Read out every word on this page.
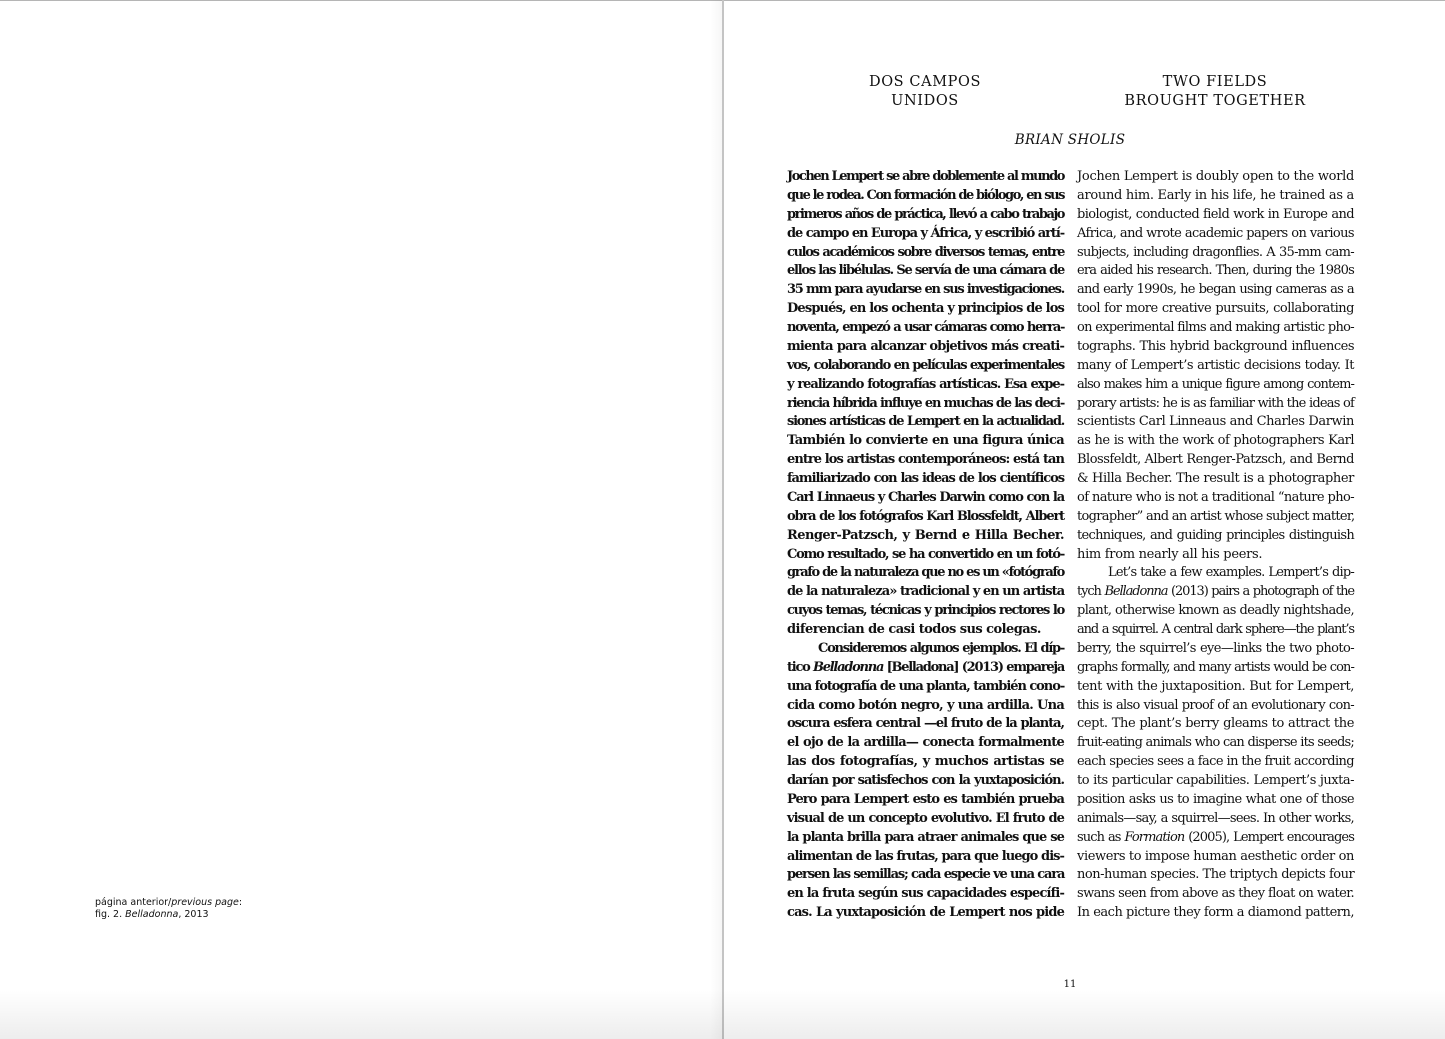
página anterior/previous page:
fig. 2. Belladonna, 2013
DOS CAMPOS
UNIDOS
TWO FIELDS
BROUGHT TOGETHER
BRIAN SHOLIS
Jochen Lempert se abre doblemente al mundo
que le rodea. Con formación de biólogo, en sus
primeros años de práctica, llevó a cabo trabajo
de campo en Europa y África, y escribió artí-
culos académicos sobre diversos temas, entre
ellos las libélulas. Se servía de una cámara de
35 mm para ayudarse en sus investigaciones.
Después, en los ochenta y principios de los
noventa, empezó a usar cámaras como herra-
mienta para alcanzar objetivos más creati-
vos, colaborando en películas experimentales
y realizando fotografías artísticas. Esa expe-
riencia híbrida influye en muchas de las deci-
siones artísticas de Lempert en la actualidad.
También lo convierte en una figura única
entre los artistas contemporáneos: está tan
familiarizado con las ideas de los científicos
Carl Linnaeus y Charles Darwin como con la
obra de los fotógrafos Karl Blossfeldt, Albert
Renger-Patzsch, y Bernd e Hilla Becher.
Como resultado, se ha convertido en un fotó-
grafo de la naturaleza que no es un «fotógrafo
de la naturaleza» tradicional y en un artista
cuyos temas, técnicas y principios rectores lo
diferencian de casi todos sus colegas.
Consideremos algunos ejemplos. El díp-
tico Belladonna [Belladona] (2013) empareja
una fotografía de una planta, también cono-
cida como botón negro, y una ardilla. Una
oscura esfera central —el fruto de la planta,
el ojo de la ardilla— conecta formalmente
las dos fotografías, y muchos artistas se
darían por satisfechos con la yuxtaposición.
Pero para Lempert esto es también prueba
visual de un concepto evolutivo. El fruto de
la planta brilla para atraer animales que se
alimentan de las frutas, para que luego dis-
persen las semillas; cada especie ve una cara
en la fruta según sus capacidades específi-
cas. La yuxtaposición de Lempert nos pide
Jochen Lempert is doubly open to the world
around him. Early in his life, he trained as a
biologist, conducted field work in Europe and
Africa, and wrote academic papers on various
subjects, including dragonflies. A 35-mm cam-
era aided his research. Then, during the 1980s
and early 1990s, he began using cameras as a
tool for more creative pursuits, collaborating
on experimental films and making artistic pho-
tographs. This hybrid background influences
many of Lempert’s artistic decisions today. It
also makes him a unique figure among contem-
porary artists: he is as familiar with the ideas of
scientists Carl Linneaus and Charles Darwin
as he is with the work of photographers Karl
Blossfeldt, Albert Renger-Patzsch, and Bernd
& Hilla Becher. The result is a photographer
of nature who is not a traditional “nature pho-
tographer” and an artist whose subject matter,
techniques, and guiding principles distinguish
him from nearly all his peers.
Let’s take a few examples. Lempert’s dip-
tych Belladonna (2013) pairs a photograph of the
plant, otherwise known as deadly nightshade,
and a squirrel. A central dark sphere—the plant’s
berry, the squirrel’s eye—links the two photo-
graphs formally, and many artists would be con-
tent with the juxtaposition. But for Lempert,
this is also visual proof of an evolutionary con-
cept. The plant’s berry gleams to attract the
fruit-eating animals who can disperse its seeds;
each species sees a face in the fruit according
to its particular capabilities. Lempert’s juxta-
position asks us to imagine what one of those
animals—say, a squirrel—sees. In other works,
such as Formation (2005), Lempert encourages
viewers to impose human aesthetic order on
non-human species. The triptych depicts four
swans seen from above as they float on water.
In each picture they form a diamond pattern,
11
